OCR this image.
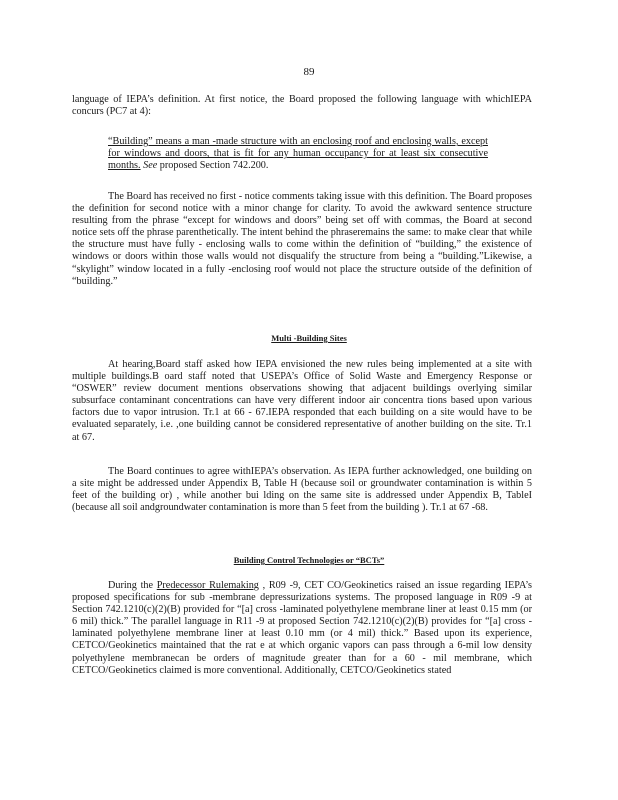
89
language of IEPA’s definition. At first notice, the Board proposed the following language with whichIEPA concurs (PC7 at 4):
“Building” means a man -made structure with an enclosing roof and enclosing walls, except for windows and doors, that is fit for any human occupancy for at least six consecutive months. See proposed Section 742.200.
The Board has received no first - notice comments taking issue with this definition. The Board proposes the definition for second notice with a minor change for clarity. To avoid the awkward sentence structure resulting from the phrase “except for windows and doors” being set off with commas, the Board at second notice sets off the phrase parenthetically. The intent behind the phraseremains the same: to make clear that while the structure must have fully - enclosing walls to come within the definition of “building,” the existence of windows or doors within those walls would not disqualify the structure from being a “building.”Likewise, a “skylight” window located in a fully -enclosing roof would not place the structure outside of the definition of “building.”
Multi -Building Sites
At hearing,Board staff asked how IEPA envisioned the new rules being implemented at a site with multiple buildings.B oard staff noted that USEPA’s Office of Solid Waste and Emergency Response or “OSWER” review document mentions observations showing that adjacent buildings overlying similar subsurface contaminant concentrations can have very different indoor air concentra tions based upon various factors due to vapor intrusion. Tr.1 at 66 - 67.IEPA responded that each building on a site would have to be evaluated separately, i.e. ,one building cannot be considered representative of another building on the site. Tr.1 at 67.
The Board continues to agree withIEPA’s observation. As IEPA further acknowledged, one building on a site might be addressed under Appendix B, Table H (because soil or groundwater contamination is within 5 feet of the building or) , while another bui lding on the same site is addressed under Appendix B, TableI (because all soil andgroundwater contamination is more than 5 feet from the building ). Tr.1 at 67 -68.
Building Control Technologies or “BCTs”
During the Predecessor Rulemaking , R09 -9, CET CO/Geokinetics raised an issue regarding IEPA’s proposed specifications for sub -membrane depressurizations systems. The proposed language in R09 -9 at Section 742.1210(c)(2)(B) provided for “[a] cross -laminated polyethylene membrane liner at least 0.15 mm (or 6 mil) thick.” The parallel language in R11 -9 at proposed Section 742.1210(c)(2)(B) provides for “[a] cross -laminated polyethylene membrane liner at least 0.10 mm (or 4 mil) thick.” Based upon its experience, CETCO/Geokinetics maintained that the rat e at which organic vapors can pass through a 6-mil low density polyethylene membranecan be orders of magnitude greater than for a 60 - mil membrane, which CETCO/Geokinetics claimed is more conventional. Additionally, CETCO/Geokinetics stated
